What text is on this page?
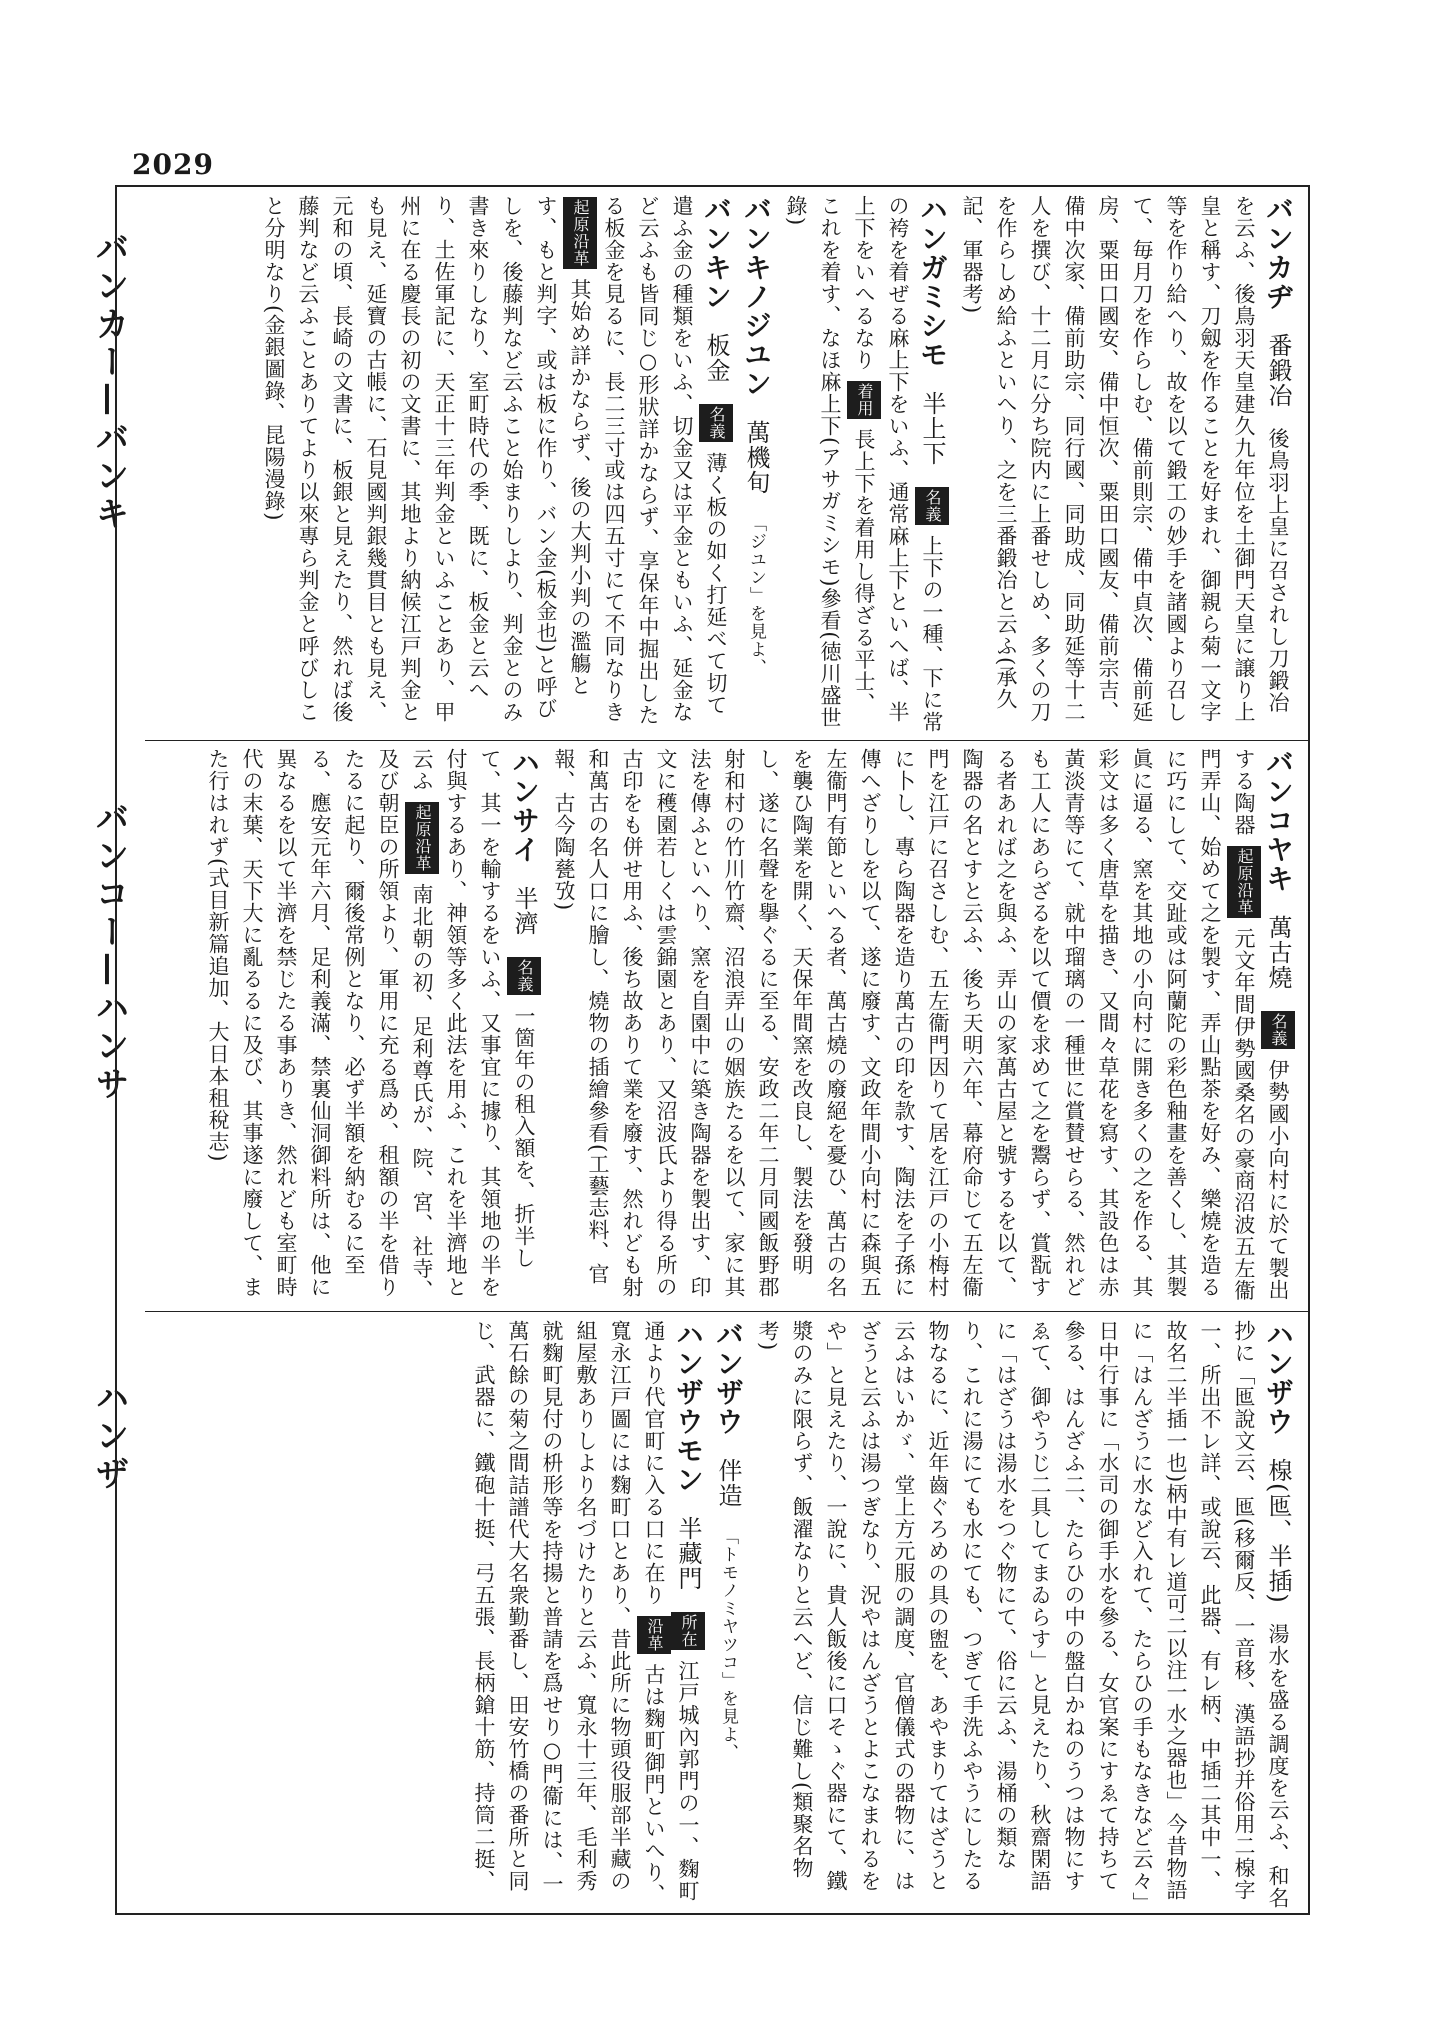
2029
バンカー—バンキ
バンコー—ハンサ
ハンザ
バンカヂ 番鍛冶 後鳥羽上皇に召されし刀鍛冶を云ふ、後鳥羽天皇建久九年位を土御門天皇に譲り上皇と稱す、刀劔を作ることを好まれ、御親ら菊一文字等を作り給へり、故を以て鍛工の妙手を諸國より召して、毎月刀を作らしむ、備前則宗、備中貞次、備前延房、粟田口國安、備中恒次、粟田口國友、備前宗吉、備中次家、備前助宗、同行國、同助成、同助延等十二人を撰び、十二月に分ち院内に上番せしめ、多くの刀を作らしめ給ふといへり、之を三番鍛冶と云ふ(承久記、軍器考)
ハンガミシモ 半上下 名義 上下の一種、下に常の袴を着ぜる麻上下をいふ、通常麻上下といへば、半上下をいへるなり 着用 長上下を着用し得ざる平士、これを着す、なほ麻上下(アサガミシモ)參看(徳川盛世錄)
バンキノジユン 萬機旬 「ジユン」を見よ、
バンキン 板金 名義 薄く板の如く打延べて切て遣ふ金の種類をいふ、切金又は平金ともいふ、延金など云ふも皆同じ○形狀詳かならず、享保年中掘出したる板金を見るに、長二三寸或は四五寸にて不同なりき 起原沿革 其始め詳かならず、後の大判小判の濫觴とす、もと判字、或は板に作り、バン金(板金也)と呼びしを、後藤判など云ふこと始まりしより、判金とのみ書き來りしなり、室町時代の季、既に、板金と云へり、土佐軍記に、天正十三年判金といふことあり、甲州に在る慶長の初の文書に、其地より納候江戸判金とも見え、延寶の古帳に、石見國判銀幾貫目とも見え、元和の頃、長崎の文書に、板銀と見えたり、然れば後藤判など云ふことありてより以來專ら判金と呼びしこと分明なり(金銀圖錄、昆陽漫錄)
バンコヤキ 萬古燒 名義 伊勢國小向村に於て製出する陶器 起原沿革 元文年間伊勢國桑名の豪商沼波五左衞門弄山、始めて之を製す、弄山點茶を好み、樂燒を造るに巧にして、交趾或は阿蘭陀の彩色釉畫を善くし、其製眞に逼る、窯を其地の小向村に開き多くの之を作る、其彩文は多く唐草を描き、又間々草花を寫す、其設色は赤黃淡青等にて、就中瑠璃の一種世に賞賛せらる、然れども工人にあらざるを以て價を求めて之を鬻らず、賞翫する者あれば之を與ふ、弄山の家萬古屋と號するを以て、陶器の名とすと云ふ、後ち天明六年、幕府命じて五左衞門を江戸に召さしむ、五左衞門因りて居を江戸の小梅村に卜し、專ら陶器を造り萬古の印を款す、陶法を子孫に傳へざりしを以て、遂に廢す、文政年間小向村に森與五左衞門有節といへる者、萬古燒の廢絕を憂ひ、萬古の名を襲ひ陶業を開く、天保年間窯を改良し、製法を發明し、遂に名聲を擧ぐるに至る、安政二年二月同國飯野郡射和村の竹川竹齋、沼浪弄山の姻族たるを以て、家に其法を傳ふといへり、窯を自園中に築き陶器を製出す、印文に穫園若しくは雲錦園とあり、又沼波氏より得る所の古印をも併せ用ふ、後ち故ありて業を廢す、然れども射和萬古の名人口に膾し、燒物の插繪參看(工藝志料、官報、古今陶甆攷)
ハンサイ 半濟 名義 一箇年の租入額を、折半して、其一を輸するをいふ、又事宜に據り、其領地の半を付與するあり、神領等多く此法を用ふ、これを半濟地と云ふ 起原沿革 南北朝の初、足利尊氏が、院、宮、社寺、及び朝臣の所領より、軍用に充る爲め、租額の半を借りたるに起り、爾後常例となり、必ず半額を納むるに至る、應安元年六月、足利義滿、禁裏仙洞御料所は、他に異なるを以て半濟を禁じたる事ありき、然れども室町時代の末葉、天下大に亂るるに及び、其事遂に廢して、また行はれず(式目新篇追加、大日本租稅志)
ハンザウ 楾(匜、半插) 湯水を盛る調度を云ふ、和名抄に「匜說文云、匜(移爾反、一音移、漢語抄并俗用二楾字一、所出不レ詳、或說云、此器、有レ柄、中插二其中一、故名二半插一也)柄中有レ道可二以注一水之器也」今昔物語に「はんざうに水など入れて、たらひの手もなきなど云々」日中行事に「水司の御手水を參る、女官案にすゑて持ちて參る、はんざふ二、たらひの中の盤白かねのうつは物にすゑて、御やうじ二具してまゐらす」と見えたり、秋齋閑語に「はざうは湯水をつぐ物にて、俗に云ふ、湯桶の類なり、これに湯にても水にても、つぎて手洗ふやうにしたる物なるに、近年齒ぐろめの具の盥を、あやまりてはざうと云ふはいかゞ、堂上方元服の調度、官僧儀式の器物に、はざうと云ふは湯つぎなり、況やはんざうとよこなまれるをや」と見えたり、一說に、貴人飯後に口そゝぐ器にて、鐵漿のみに限らず、飯濯なりと云へど、信じ難し(類聚名物考)
バンザウ 伴造 「トモノミヤツコ」を見よ、
ハンザウモン 半藏門 所在 江戸城內郭門の一、麴町通より代官町に入る口に在り 沿革 古は麴町御門といへり、寬永江戸圖には麴町口とあり、昔此所に物頭役服部半藏の組屋敷ありしより名づけたりと云ふ、寬永十三年、毛利秀就麴町見付の枡形等を持揚と普請を爲せり○門衞には、一萬石餘の菊之間詰譜代大名衆勤番し、田安竹橋の番所と同じ、武器に、鐵砲十挺、弓五張、長柄鎗十筋、持筒二挺、
